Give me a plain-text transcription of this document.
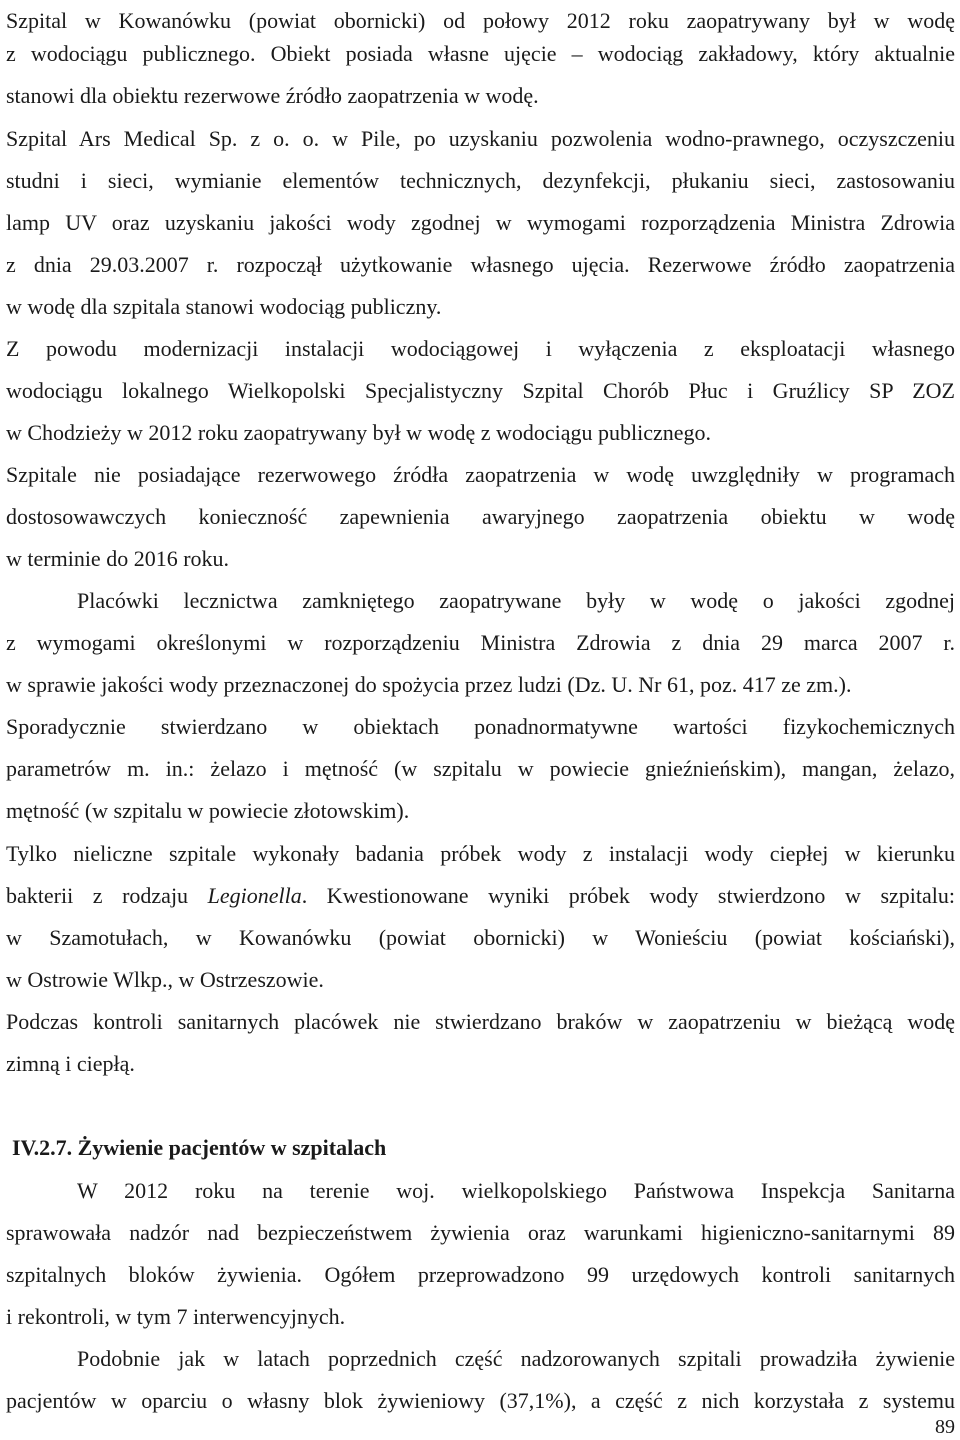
Szpital w Kowanówku (powiat obornicki) od połowy 2012 roku zaopatrywany był w wodę
z wodociągu publicznego. Obiekt posiada własne ujęcie – wodociąg zakładowy, który aktualnie
stanowi dla obiektu rezerwowe źródło zaopatrzenia w wodę.
Szpital Ars Medical Sp. z o. o. w Pile, po uzyskaniu pozwolenia wodno-prawnego, oczyszczeniu
studni i sieci, wymianie elementów technicznych, dezynfekcji, płukaniu sieci, zastosowaniu
lamp UV oraz uzyskaniu jakości wody zgodnej w wymogami rozporządzenia Ministra Zdrowia
z dnia 29.03.2007 r. rozpoczął użytkowanie własnego ujęcia. Rezerwowe źródło zaopatrzenia
w wodę dla szpitala stanowi wodociąg publiczny.
Z powodu modernizacji instalacji wodociągowej i wyłączenia z eksploatacji własnego
wodociągu lokalnego Wielkopolski Specjalistyczny Szpital Chorób Płuc i Gruźlicy SP ZOZ
w Chodzieży w 2012 roku zaopatrywany był w wodę z wodociągu publicznego.
Szpitale nie posiadające rezerwowego źródła zaopatrzenia w wodę uwzględniły w programach
dostosowawczych konieczność zapewnienia awaryjnego zaopatrzenia obiektu w wodę
w terminie do 2016 roku.
Placówki lecznictwa zamkniętego zaopatrywane były w wodę o jakości zgodnej
z wymogami określonymi w rozporządzeniu Ministra Zdrowia z dnia 29 marca 2007 r.
w sprawie jakości wody przeznaczonej do spożycia przez ludzi (Dz. U. Nr 61, poz. 417 ze zm.).
Sporadycznie stwierdzano w obiektach ponadnormatywne wartości fizykochemicznych
parametrów m. in.: żelazo i mętność (w szpitalu w powiecie gnieźnieńskim), mangan, żelazo,
mętność (w szpitalu w powiecie złotowskim).
Tylko nieliczne szpitale wykonały badania próbek wody z instalacji wody ciepłej w kierunku
bakterii z rodzaju Legionella. Kwestionowane wyniki próbek wody stwierdzono w szpitalu:
w Szamotułach, w Kowanówku (powiat obornicki) w Wonieściu (powiat kościański),
w Ostrowie Wlkp., w Ostrzeszowie.
Podczas kontroli sanitarnych placówek nie stwierdzano braków w zaopatrzeniu w bieżącą wodę
zimną i ciepłą.
IV.2.7. Żywienie pacjentów w szpitalach
W 2012 roku na terenie woj. wielkopolskiego Państwowa Inspekcja Sanitarna
sprawowała nadzór nad bezpieczeństwem żywienia oraz warunkami higieniczno-sanitarnymi 89
szpitalnych bloków żywienia. Ogółem przeprowadzono 99 urzędowych kontroli sanitarnych
i rekontroli, w tym 7 interwencyjnych.
Podobnie jak w latach poprzednich część nadzorowanych szpitali prowadziła żywienie
pacjentów w oparciu o własny blok żywieniowy (37,1%), a część z nich korzystała z systemu
89
